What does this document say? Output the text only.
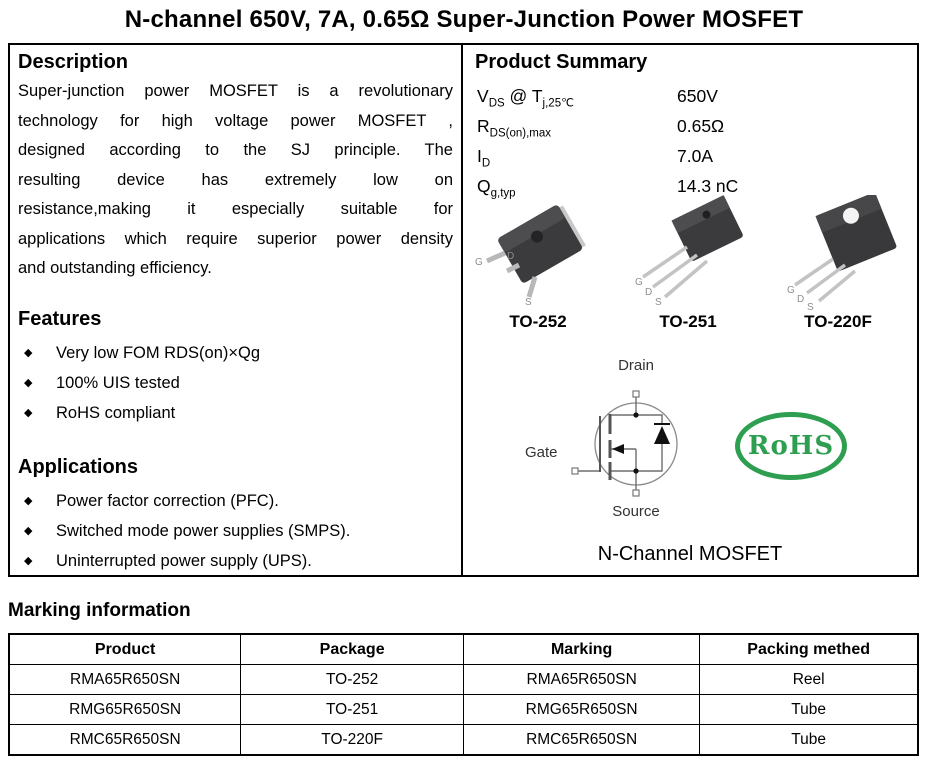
N-channel 650V, 7A, 0.65Ω Super-Junction Power MOSFET
Description
Super-junction power MOSFET is a revolutionary
technology for high voltage power MOSFET ,
designed according to the SJ principle. The
resulting device has extremely low on
resistance,making it especially suitable for
applications which require superior power density
and outstanding efficiency.
Features
◆	Very low FOM RDS(on)×Qg
◆	100% UIS tested
◆	RoHS compliant
Applications
◆	Power factor correction (PFC).
◆	Switched mode power supplies (SMPS).
◆	Uninterrupted power supply (UPS).
Product Summary
$V_{DS}$ @ $T_{j,25℃}$	650V
$R_{DS(on),max}$	0.65Ω
$I_D$	7.0A
$Q_{g,typ}$	14.3 nC
G
D
S
TO-252
G
D
S
TO-251
G
D
S
TO-220F
Drain
Gate
Source
RoHS
N-Channel MOSFET
Marking information
Product	Package	Marking	Packing methed
RMA65R650SN	TO-252	RMA65R650SN	Reel
RMG65R650SN	TO-251	RMG65R650SN	Tube
RMC65R650SN	TO-220F	RMC65R650SN	Tube
